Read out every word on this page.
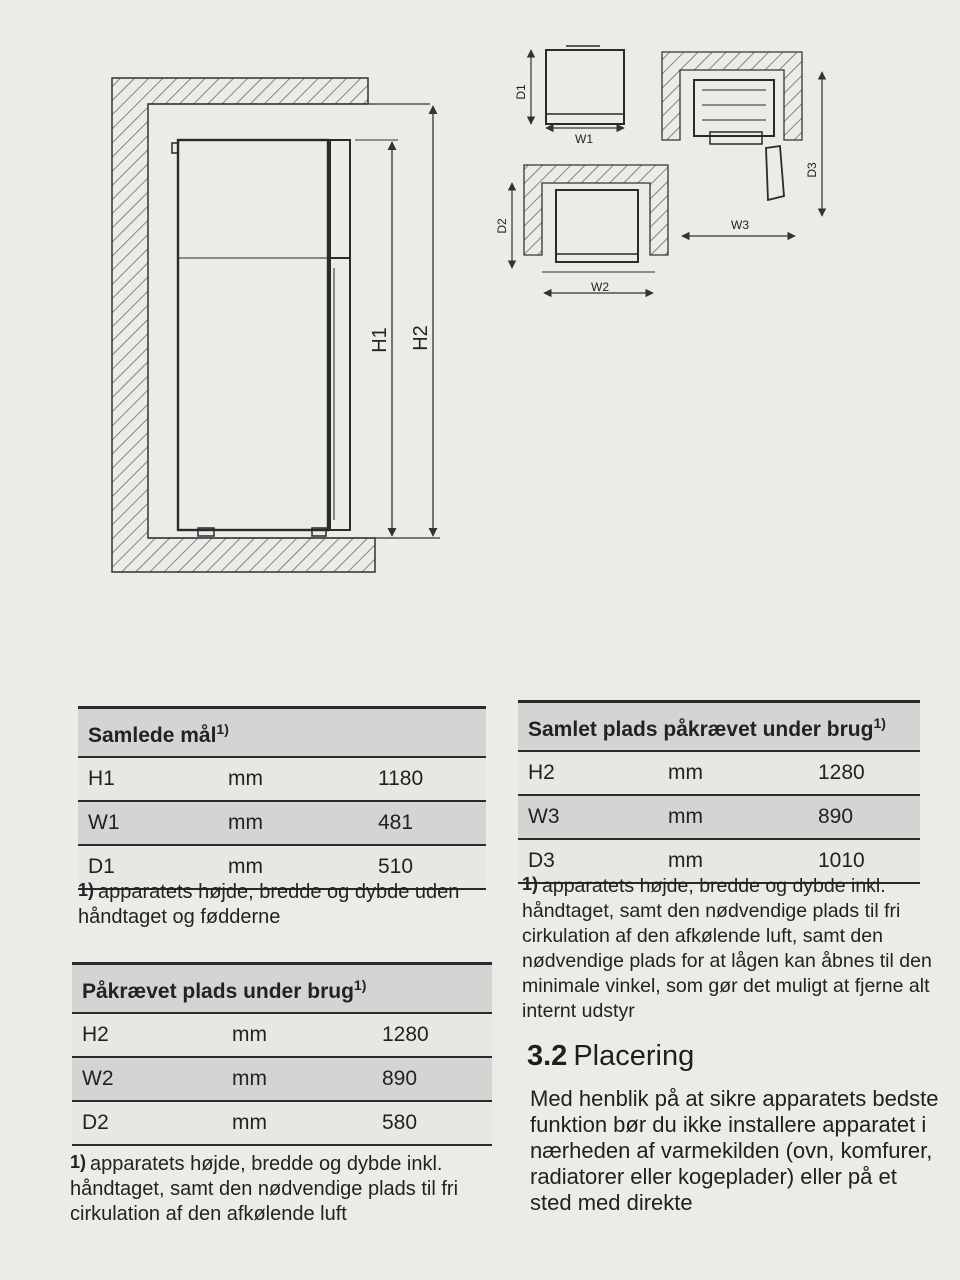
H1 H2
D1
W1
D2
W2
D3
W3
Samlede mål$^{1)}$
H1	mm	1180
W1	mm	481
D1	mm	510

1) apparatets højde, bredde og dybde uden håndtaget og fødderne

Påkrævet plads under brug$^{1)}$
H2	mm	1280
W2	mm	890
D2	mm	580

1) apparatets højde, bredde og dybde inkl. håndtaget, samt den nødvendige plads til fri cirkulation af den afkølende luft

Samlet plads påkrævet under brug$^{1)}$
H2	mm	1280
W3	mm	890
D3	mm	1010

1) apparatets højde, bredde og dybde inkl. håndtaget, samt den nødvendige plads til fri cirkulation af den afkølende luft, samt den nødvendige plads for at lågen kan åbnes til den minimale vinkel, som gør det muligt at fjerne alt internt udstyr

3.2 Placering

Med henblik på at sikre apparatets bedste funktion bør du ikke installere apparatet i nærheden af varmekilden (ovn, komfurer, radiatorer eller kogeplader) eller på et sted med direkte
